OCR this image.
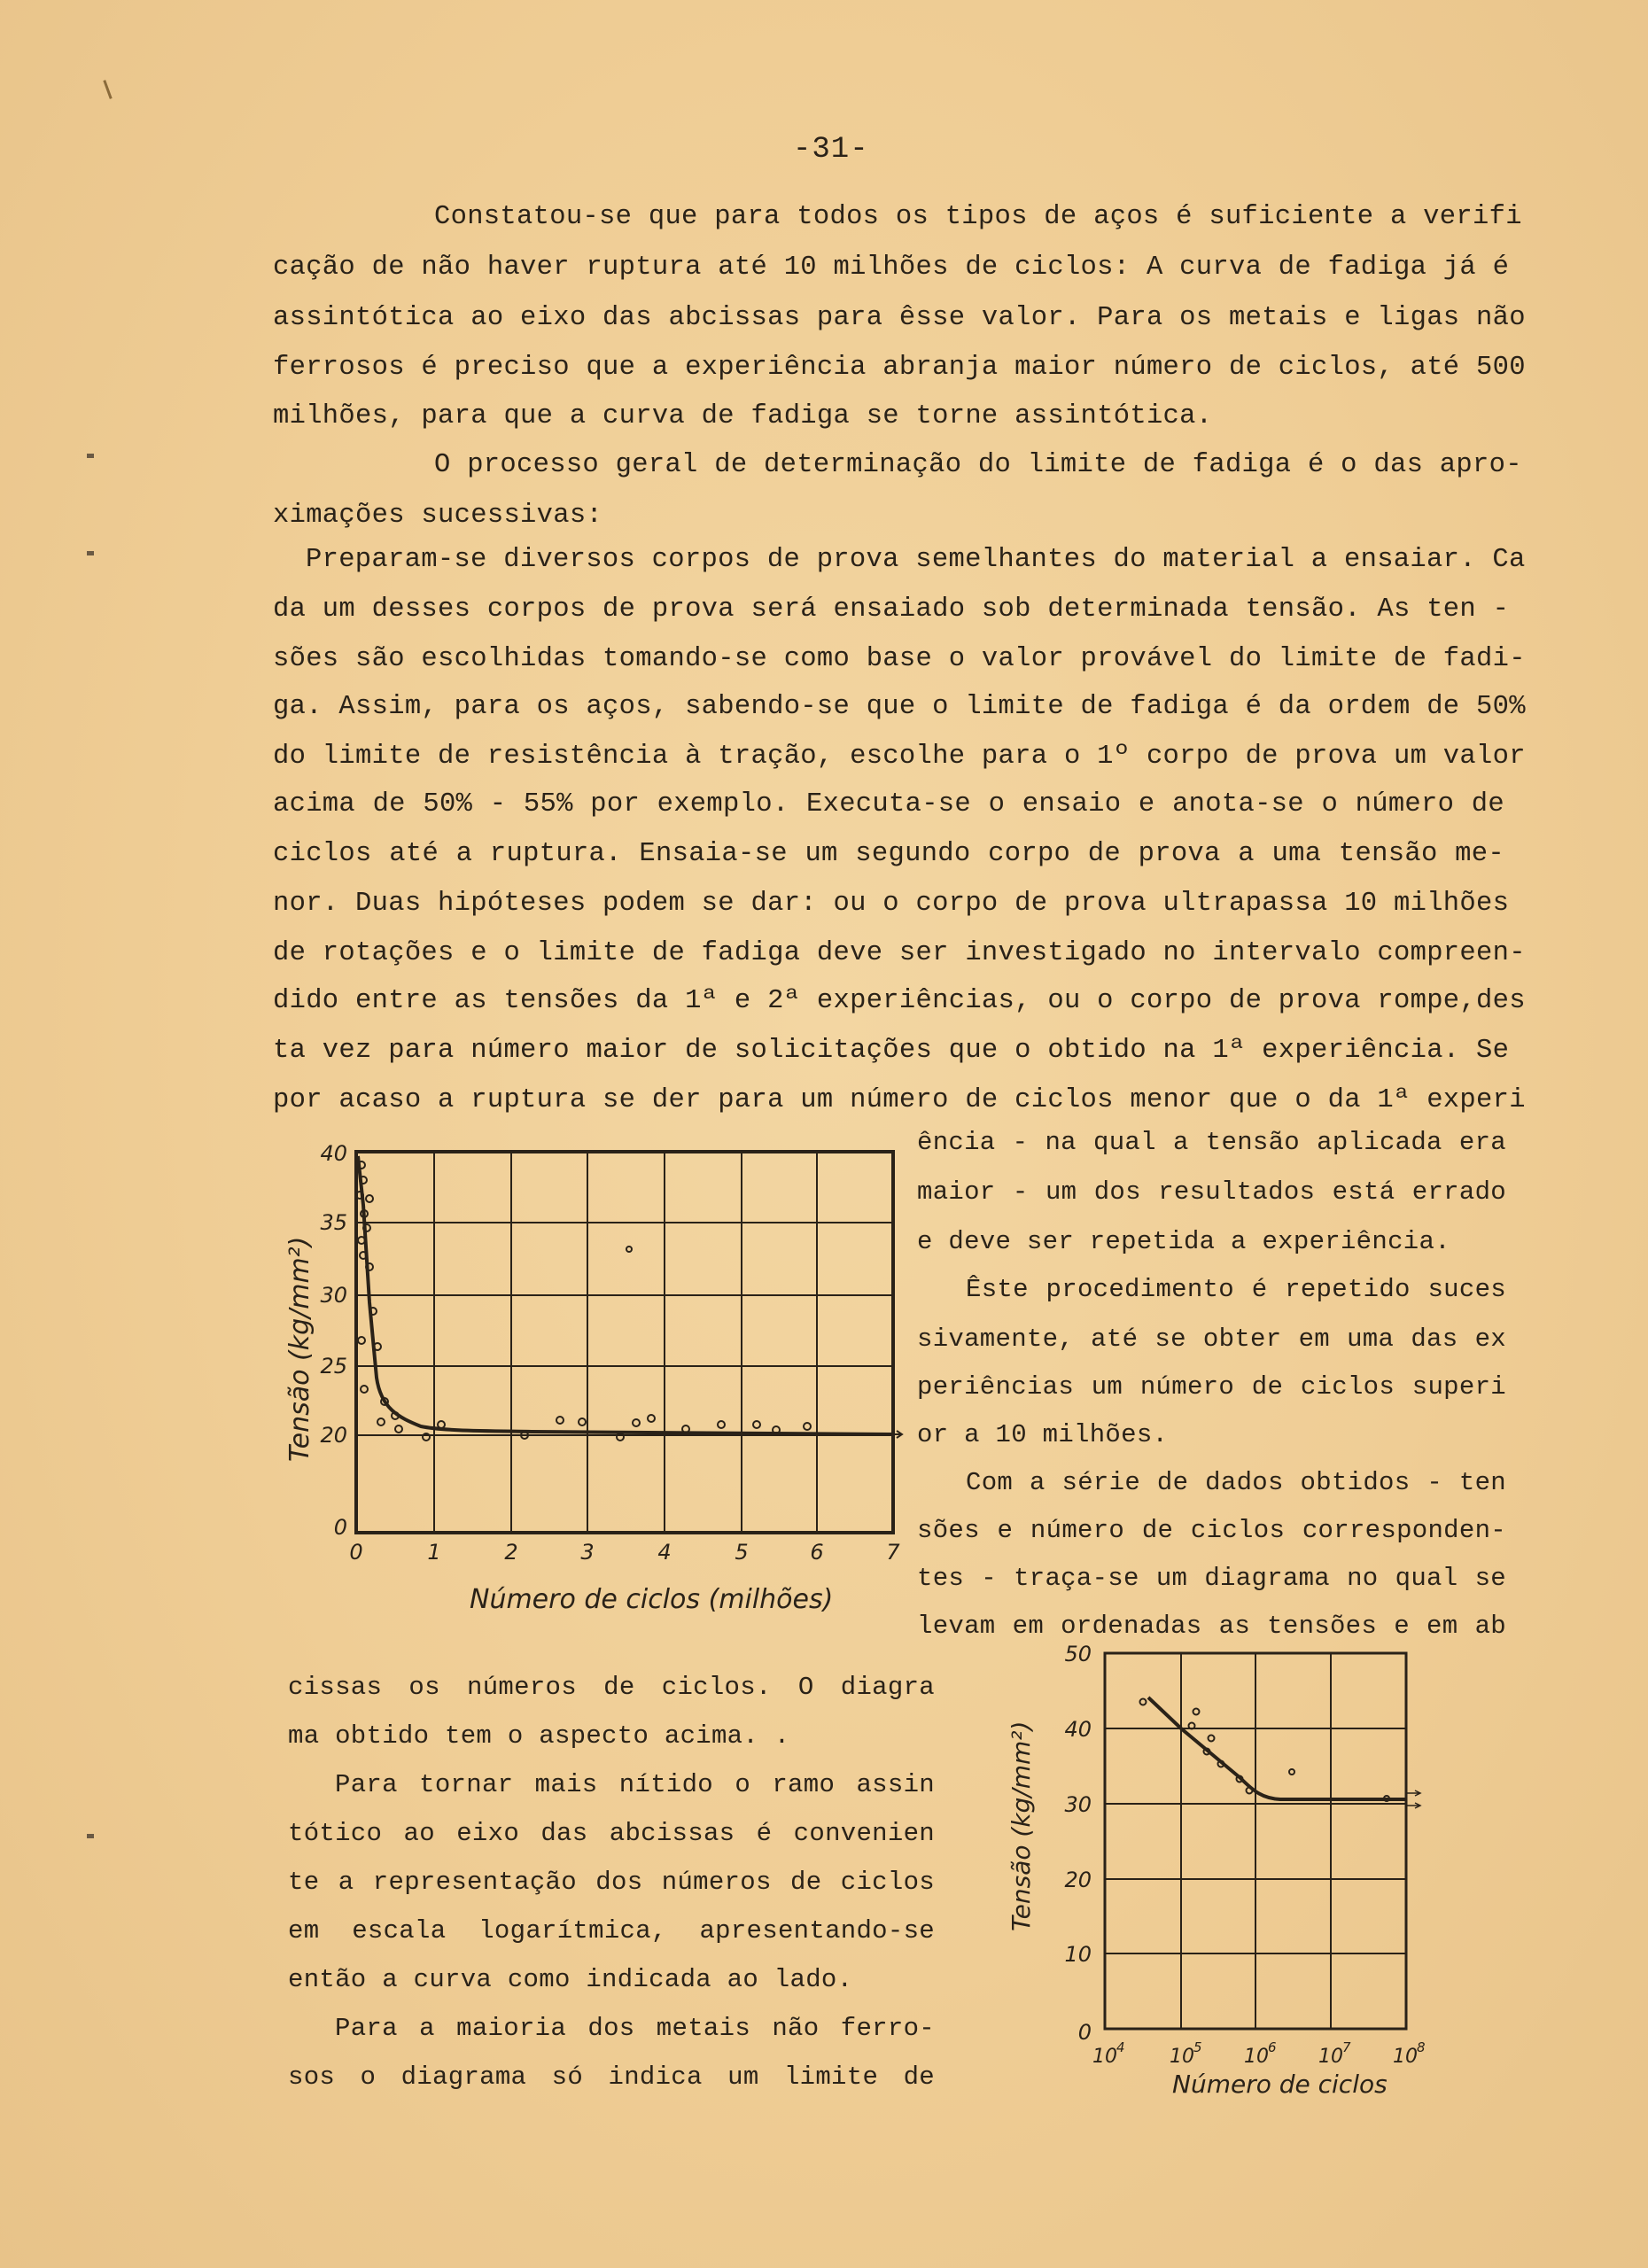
-31-
Constatou-se que para todos os tipos de aços é suficiente a verifi
cação de não haver ruptura até 10 milhões de ciclos: A curva de fadiga já é
assintótica ao eixo das abcissas para êsse valor. Para os metais e ligas não
ferrosos é preciso que a experiência abranja maior número de ciclos, até 500
milhões, para que a curva de fadiga se torne assintótica.
O processo geral de determinação do limite de fadiga é o das apro-
ximações sucessivas:
Preparam-se diversos corpos de prova semelhantes do material a ensaiar. Ca
da um desses corpos de prova será ensaiado sob determinada tensão. As ten -
sões são escolhidas tomando-se como base o valor provável do limite de fadi-
ga. Assim, para os aços, sabendo-se que o limite de fadiga é da ordem de 50%
do limite de resistência à tração, escolhe para o 1º corpo de prova um valor
acima de 50% - 55% por exemplo. Executa-se o ensaio e anota-se o número de
ciclos até a ruptura. Ensaia-se um segundo corpo de prova a uma tensão me-
nor. Duas hipóteses podem se dar: ou o corpo de prova ultrapassa 10 milhões
de rotações e o limite de fadiga deve ser investigado no intervalo compreen-
dido entre as tensões da 1ª e 2ª experiências, ou o corpo de prova rompe,des
ta vez para número maior de solicitações que o obtido na 1ª experiência. Se
por acaso a ruptura se der para um número de ciclos menor que o da 1ª experi
ência - na qual a tensão aplicada era
maior - um dos resultados está errado
e deve ser repetida a experiência.
Êste procedimento é repetido suces
sivamente, até se obter em uma das ex
periências um número de ciclos superi
or a 10 milhões.
Com a série de dados obtidos - ten
sões e número de ciclos corresponden-
tes - traça-se um diagrama no qual se
levam em ordenadas as tensões e em ab
cissas os números de ciclos. O diagra
ma obtido tem o aspecto acima. .
Para tornar mais nítido o ramo assin
tótico ao eixo das abcissas é convenien
te a representação dos números de ciclos
em escala logarítmica, apresentando-se
então a curva como indicada ao lado.
Para a maioria dos metais não ferro-
sos o diagrama só indica um limite de
40
35
30
25
20
0
0	1	2	3	4	5	6	7
Número de ciclos (milhões)
Tensão (kg/mm²)
50
40
30
20
10
0
10 4 10 5 10 6 10 7 10 8
Número de ciclos
Tensão (kg/mm²)
